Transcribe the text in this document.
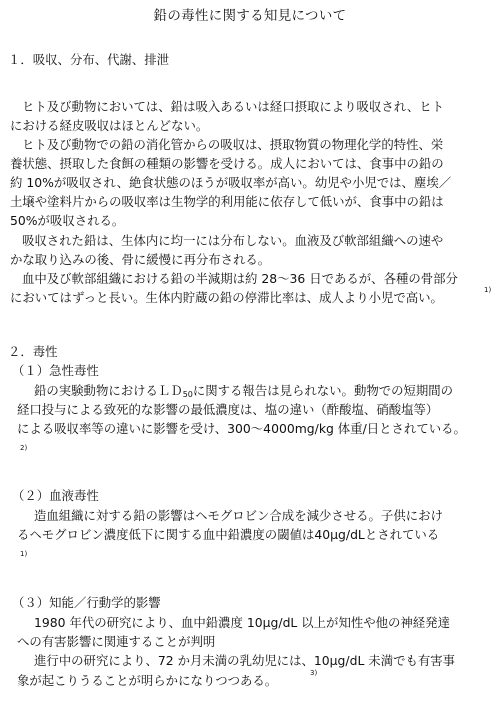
鉛の毒性に関する知見について
１．吸収、分布、代謝、排泄
ヒト及び動物においては、鉛は吸入あるいは経口摂取により吸収され、ヒト
における経皮吸収はほとんどない。
ヒト及び動物での鉛の消化管からの吸収は、摂取物質の物理化学的特性、栄
養状態、摂取した食餌の種類の影響を受ける。成人においては、食事中の鉛の
約 10%が吸収され、絶食状態のほうが吸収率が高い。幼児や小児では、塵埃／
土壌や塗料片からの吸収率は生物学的利用能に依存して低いが、食事中の鉛は
50%が吸収される。
吸収された鉛は、生体内に均一には分布しない。血液及び軟部組織への速や
かな取り込みの後、骨に緩慢に再分布される。
血中及び軟部組織における鉛の半減期は約 28～36 日であるが、各種の骨部分
においてはずっと長い。生体内貯蔵の鉛の停滞比率は、成人より小児で高い。	1)
２．毒性
（１）急性毒性
鉛の実験動物におけるＬＤ50に関する報告は見られない。動物での短期間の
経口投与による致死的な影響の最低濃度は、塩の違い（酢酸塩、硝酸塩等）
による吸収率等の違いに影響を受け、300～4000mg/kg 体重/日とされている。
2)
（２）血液毒性
造血組織に対する鉛の影響はヘモグロビン合成を減少させる。子供におけ
るヘモグロビン濃度低下に関する血中鉛濃度の閾値は40μg/dLとされている
1)
（３）知能／行動学的影響
1980 年代の研究により、血中鉛濃度 10μg/dL 以上が知性や他の神経発達
への有害影響に関連することが判明
進行中の研究により、72 か月未満の乳幼児には、10μg/dL 未満でも有害事
象が起こりうることが明らかになりつつある。	3)
